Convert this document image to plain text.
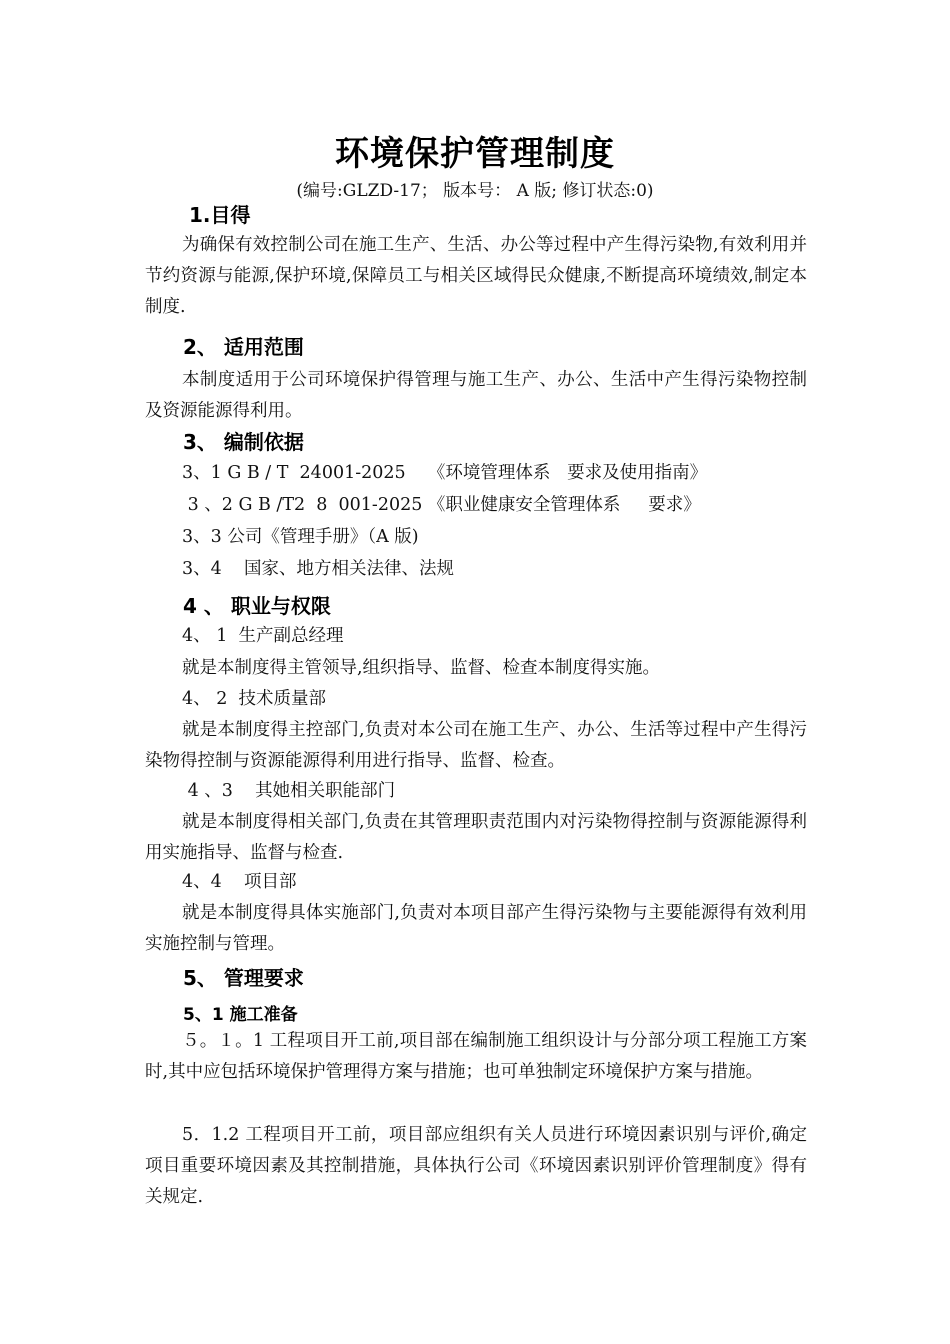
环境保护管理制度
(编号:GLZD-17； 版本号： A 版; 修订状态:0)
1.目得
为确保有效控制公司在施工生产、生活、办公等过程中产生得污染物,有效利用并节约资源与能源,保护环境,保障员工与相关区域得民众健康,不断提高环境绩效,制定本制度.
2、 适用范围
本制度适用于公司环境保护得管理与施工生产、办公、生活中产生得污染物控制及资源能源得利用。
3、 编制依据
3、1 G B / T  24001-2025    《环境管理体系   要求及使用指南》
3 、2 G B /T2  8  001-2025 《职业健康安全管理体系     要求》
3、3 公司《管理手册》（A 版)
3、4    国家、地方相关法律、法规
4 、 职业与权限
4、 1  生产副总经理
就是本制度得主管领导,组织指导、监督、检查本制度得实施。
4、 2  技术质量部
就是本制度得主控部门,负责对本公司在施工生产、办公、生活等过程中产生得污染物得控制与资源能源得利用进行指导、监督、检查。
4 、3    其她相关职能部门
就是本制度得相关部门,负责在其管理职责范围内对污染物得控制与资源能源得利用实施指导、监督与检查.
4、4    项目部
就是本制度得具体实施部门,负责对本项目部产生得污染物与主要能源得有效利用实施控制与管理。
5、 管理要求
5、1 施工准备
５。１。1 工程项目开工前,项目部在编制施工组织设计与分部分项工程施工方案时,其中应包括环境保护管理得方案与措施；也可单独制定环境保护方案与措施。
5．1.2 工程项目开工前，项目部应组织有关人员进行环境因素识别与评价,确定项目重要环境因素及其控制措施，具体执行公司《环境因素识别评价管理制度》得有关规定.
